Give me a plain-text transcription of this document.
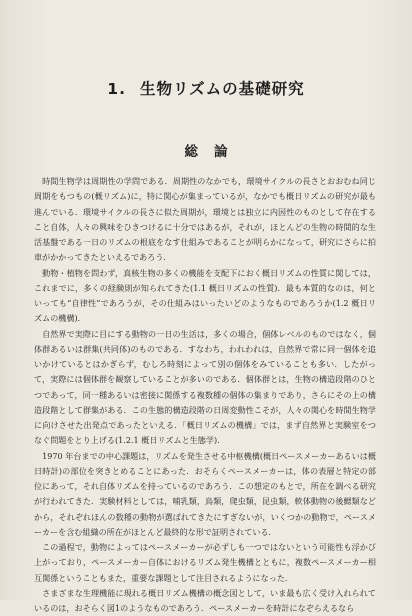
1. 生物リズムの基礎研究
総論

時間生物学は周期性の学問である．周期性のなかでも，環境サイクルの長さとおおむね同じ周期をもつもの(概リズム)に，特に関心が集まっているが，なかでも概日リズムの研究が最も進んでいる．環境サイクルの長さに似た周期が，環境とは独立に内因性のものとして存在すること自体，人々の興味をひきつけるに十分ではあるが，それが，ほとんどの生物の時間的な生活基盤である一日のリズムの根底をなす仕組みであることが明らかになって，研究にさらに拍車がかかってきたといえるであろう．

動物・植物を問わず，真核生物の多くの機能を支配下におく概日リズムの性質に関しては，これまでに，多くの経験則が知られてきた(1.1 概日リズムの性質)．最も本質的なのは，何といっても“自律性”であろうが，その仕組みはいったいどのようなものであろうか(1.2 概日リズムの機構)．

自然界で実際に目にする動物の一日の生活は，多くの場合，個体レベルのものではなく，個体群あるいは群集(共同体)のものである．すなわち，われわれは，自然界で常に同一個体を追いかけているとはかぎらず，むしろ時刻によって別の個体をみていることも多い．したがって，実際には個体群を観察していることが多いのである．個体群とは，生物の構造段階のひとつであって，同一種あるいは密接に関係する複数種の個体の集まりであり，さらにその上の構造段階として群集がある．この生態的構造段階の日周変動性こそが，人々の関心を時間生物学に向けさせた出発点であったといえる．「概日リズムの機構」では，まず自然界と実験室をつなぐ問題をとり上げる(1.2.1 概日リズムと生態学)．

1970 年台までの中心課題は，リズムを発生させる中枢機構(概日ペースメーカーあるいは概日時計)の部位を突きとめることにあった．おそらくペースメーカーは，体の表層と特定の部位にあって，それ自体リズムを持っているのであろう．この想定のもとで，所在を調べる研究が行われてきた．実験材料としては，哺乳類，鳥類，爬虫類，昆虫類，軟体動物の後鰓類などから，それぞれほんの数種の動物が選ばれてきたにすぎないが，いくつかの動物で，ペースメーカーを含む組織の所在がほとんど最終的な形で証明されている．

この過程で，動物によってはペースメーカーが必ずしも一つではないという可能性も浮かび上がっており，ペースメーカー自体におけるリズム発生機構とともに，複数ペースメーカー相互関係ということもまた，重要な課題として注目されるようになった．

さまざまな生理機能に現れる概日リズム機構の概念図として，いま最も広く受け入れられているのは，おそらく図1のようなものであろう．ペースメーカーを時計になぞらえるなら
